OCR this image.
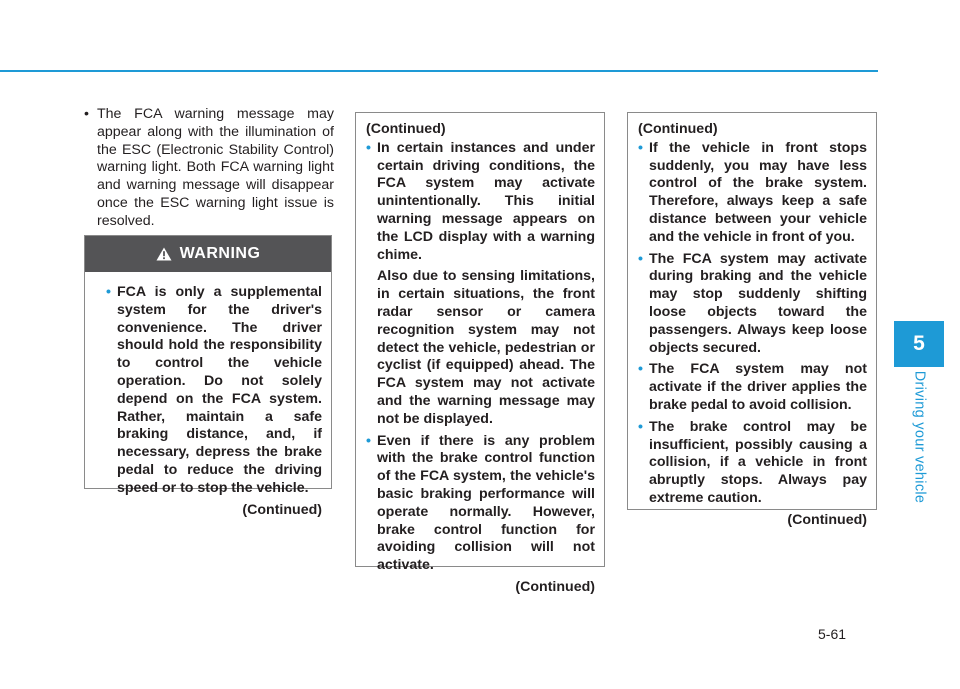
5
Driving your vehicle
5-61
• The FCA warning message may appear along with the illumination of the ESC (Electronic Stability Control) warning light. Both FCA warning light and warning message will disappear once the ESC warning light issue is resolved.
WARNING
• FCA is only a supplemental system for the driver's convenience. The driver should hold the responsibility to control the vehicle operation. Do not solely depend on the FCA system. Rather, maintain a safe braking distance, and, if necessary, depress the brake pedal to reduce the driving speed or to stop the vehicle.
(Continued)
(Continued)
• In certain instances and under certain driving conditions, the FCA system may activate unintentionally. This initial warning message appears on the LCD display with a warning chime.
Also due to sensing limitations, in certain situations, the front radar sensor or camera recognition system may not detect the vehicle, pedestrian or cyclist (if equipped) ahead. The FCA system may not activate and the warning message may not be displayed.
• Even if there is any problem with the brake control function of the FCA system, the vehicle's basic braking performance will operate normally. However, brake control function for avoiding collision will not activate.
(Continued)
(Continued)
• If the vehicle in front stops suddenly, you may have less control of the brake system. Therefore, always keep a safe distance between your vehicle and the vehicle in front of you.
• The FCA system may activate during braking and the vehicle may stop suddenly shifting loose objects toward the passengers. Always keep loose objects secured.
• The FCA system may not activate if the driver applies the brake pedal to avoid collision.
• The brake control may be insufficient, possibly causing a collision, if a vehicle in front abruptly stops. Always pay extreme caution.
(Continued)
